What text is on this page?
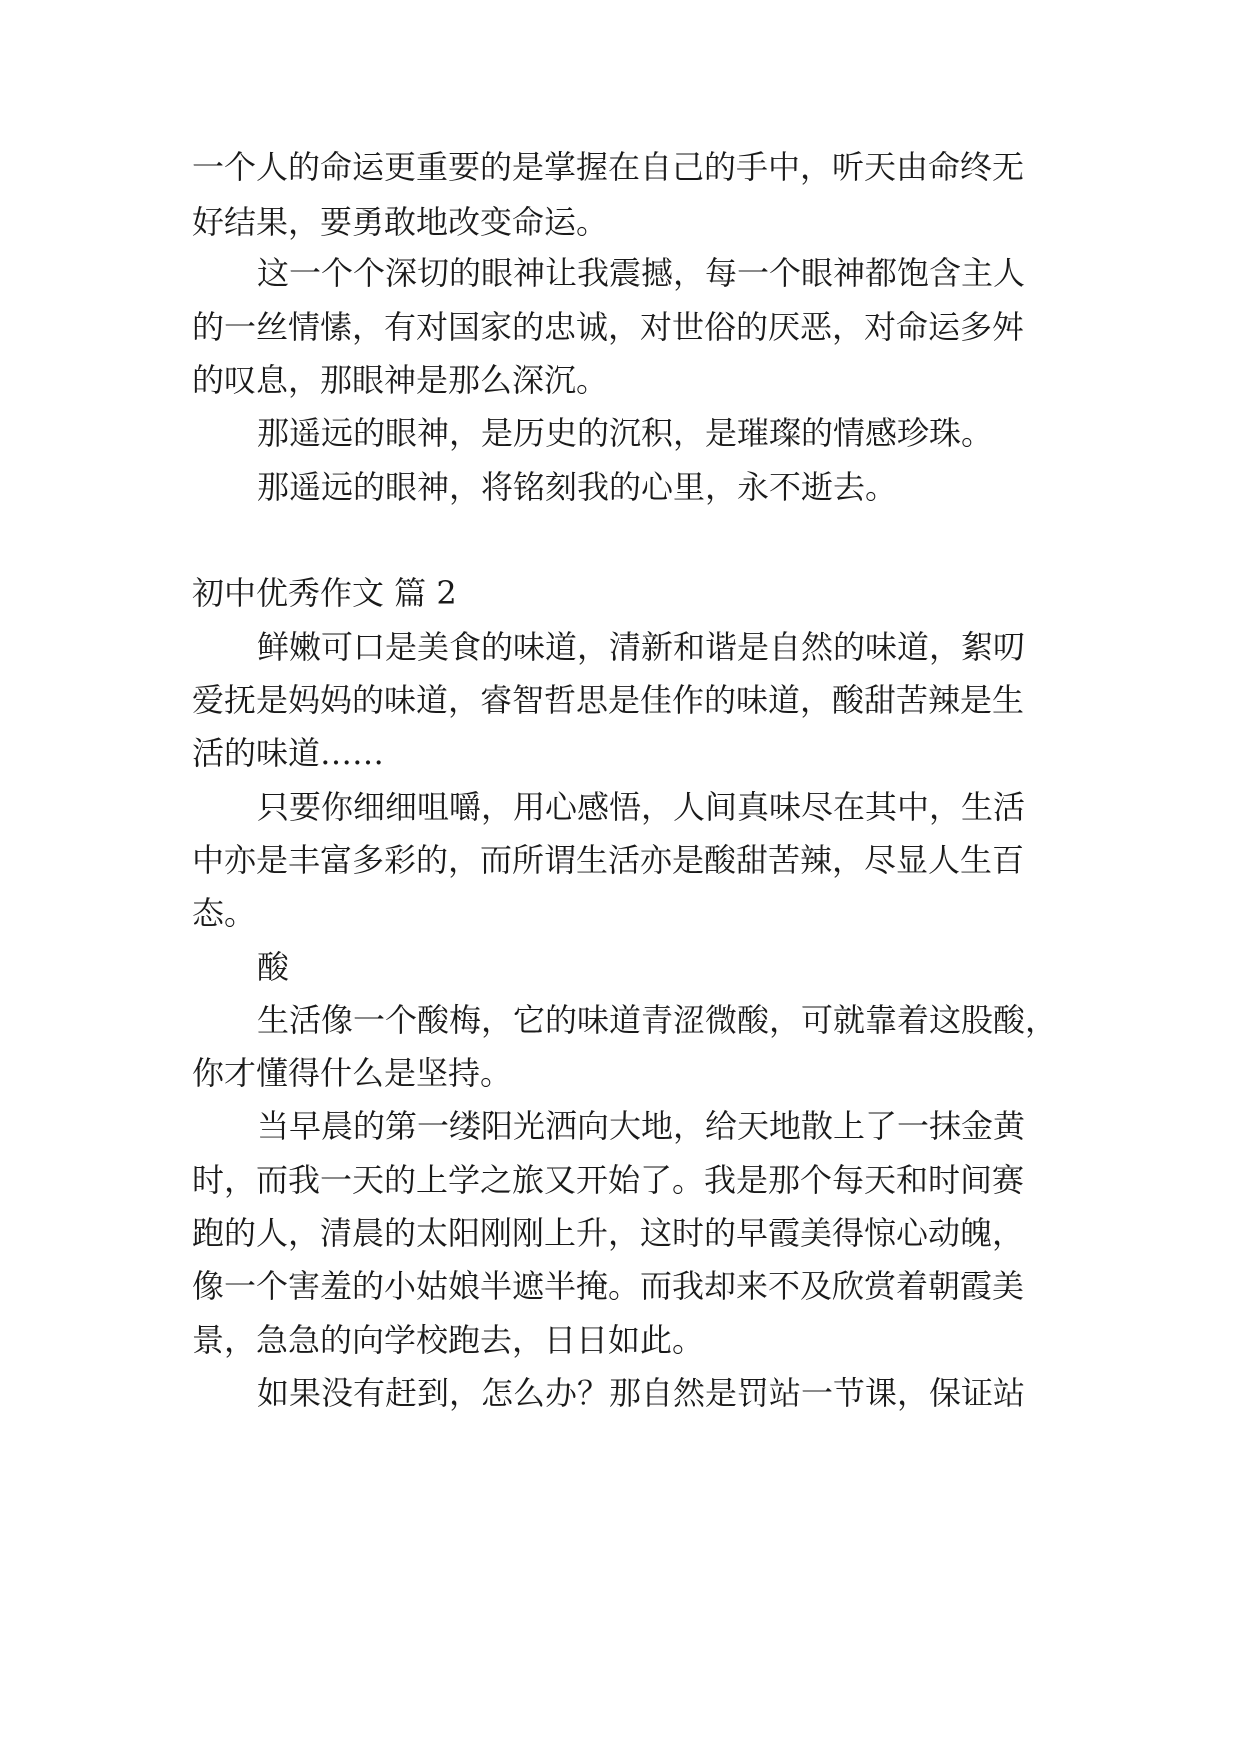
一个人的命运更重要的是掌握在自己的手中，听天由命终无
好结果，要勇敢地改变命运。
这一个个深切的眼神让我震撼，每一个眼神都饱含主人
的一丝情愫，有对国家的忠诚，对世俗的厌恶，对命运多舛
的叹息，那眼神是那么深沉。
那遥远的眼神，是历史的沉积，是璀璨的情感珍珠。
那遥远的眼神，将铭刻我的心里，永不逝去。
初中优秀作文 篇 2
鲜嫩可口是美食的味道，清新和谐是自然的味道，絮叨
爱抚是妈妈的味道，睿智哲思是佳作的味道，酸甜苦辣是生
活的味道……
只要你细细咀嚼，用心感悟，人间真味尽在其中，生活
中亦是丰富多彩的，而所谓生活亦是酸甜苦辣，尽显人生百
态。
酸
生活像一个酸梅，它的味道青涩微酸，可就靠着这股酸，
你才懂得什么是坚持。
当早晨的第一缕阳光洒向大地，给天地散上了一抹金黄
时，而我一天的上学之旅又开始了。我是那个每天和时间赛
跑的人，清晨的太阳刚刚上升，这时的早霞美得惊心动魄，
像一个害羞的小姑娘半遮半掩。而我却来不及欣赏着朝霞美
景，急急的向学校跑去，日日如此。
如果没有赶到，怎么办？那自然是罚站一节课，保证站
